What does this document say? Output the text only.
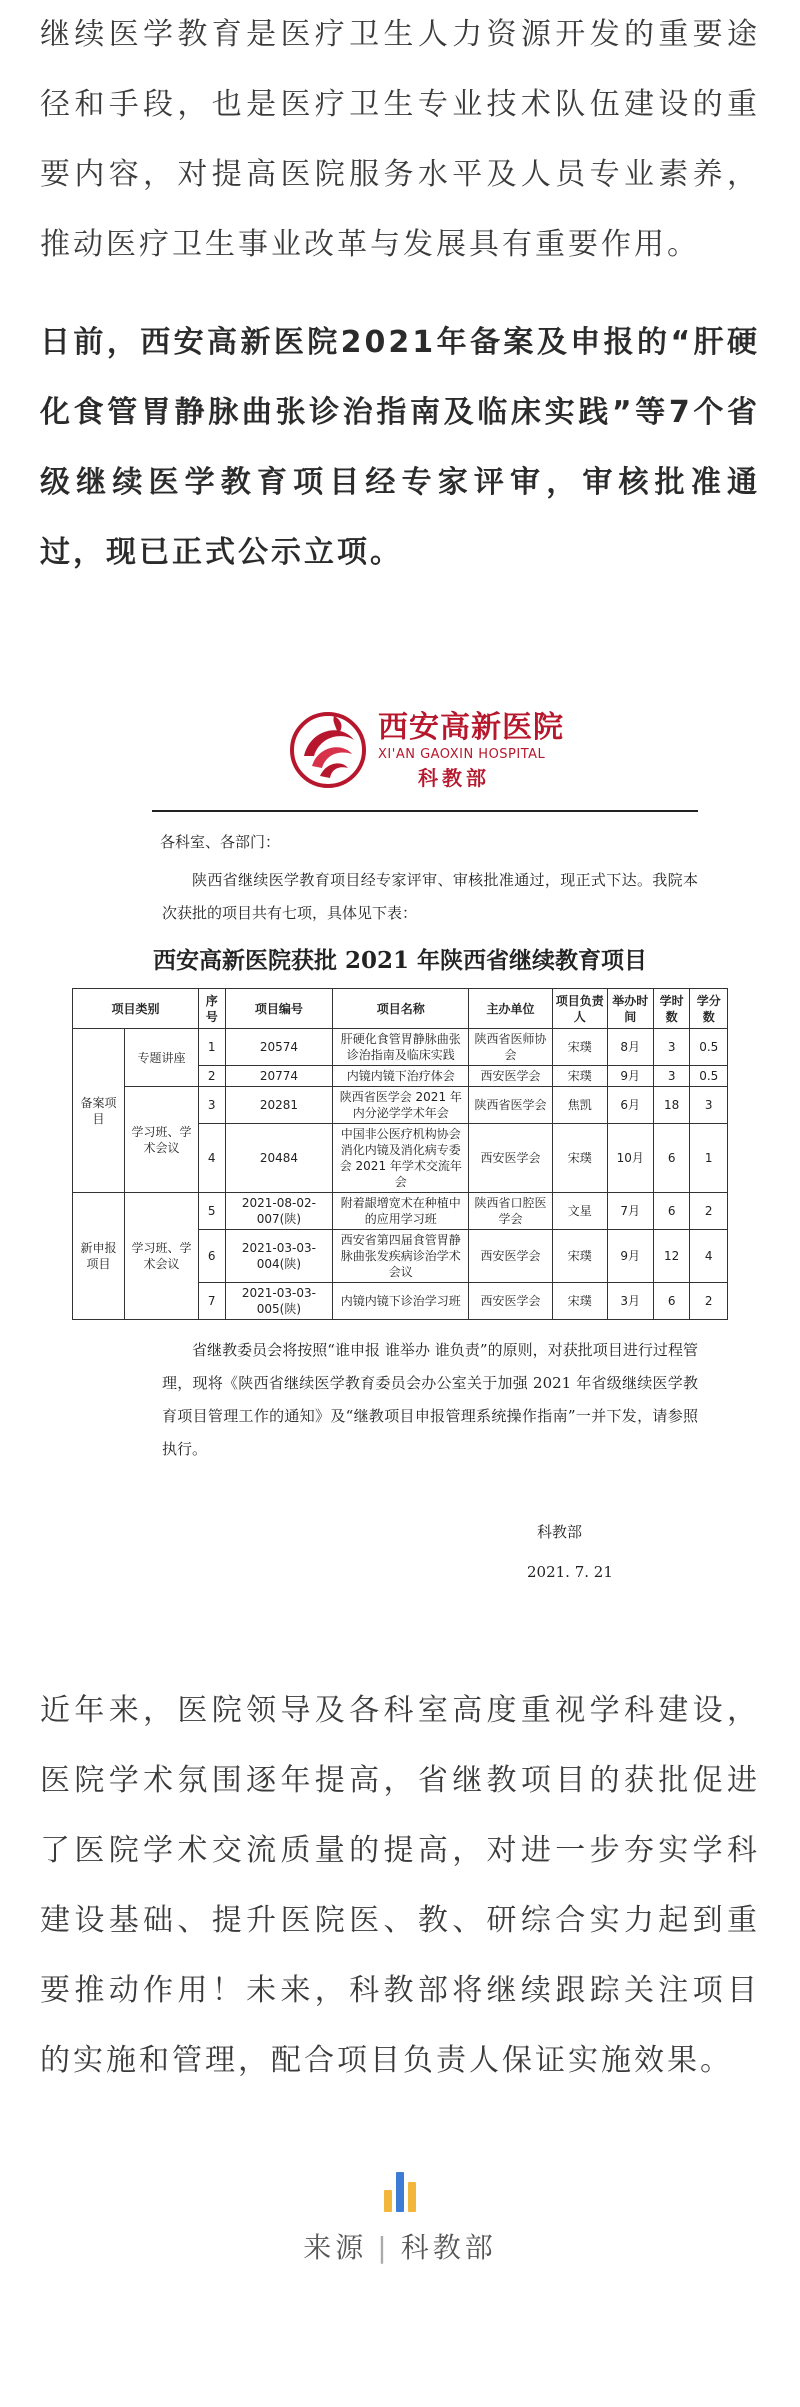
继续医学教育是医疗卫生人力资源开发的重要途径和手段，也是医疗卫生专业技术队伍建设的重要内容，对提高医院服务水平及人员专业素养，推动医疗卫生事业改革与发展具有重要作用。

日前，西安高新医院2021年备案及申报的“肝硬化食管胃静脉曲张诊治指南及临床实践”等7个省级继续医学教育项目经专家评审，审核批准通过，现已正式公示立项。

西安高新医院
XI'AN GAOXIN HOSPITAL
科教部

各科室、各部门：

陕西省继续医学教育项目经专家评审、审核批准通过，现正式下达。我院本次获批的项目共有七项，具体见下表：

西安高新医院获批 2021 年陕西省继续教育项目
项目类别		序号	项目编号	项目名称	主办单位	项目负责人	举办时间	学时数	学分数
备案项目	专题讲座	1	20574	肝硬化食管胃静脉曲张诊治指南及临床实践	陕西省医师协会	宋璞	8月	3	0.5
		2	20774	内镜内镜下治疗体会	西安医学会	宋璞	9月	3	0.5
	学习班、学术会议	3	20281	陕西省医学会 2021 年内分泌学学术年会	陕西省医学会	焦凯	6月	18	3
		4	20484	中国非公医疗机构协会消化内镜及消化病专委会 2021 年学术交流年会	西安医学会	宋璞	10月	6	1
新申报项目	学习班、学术会议	5	2021-08-02-007(陕)	附着龈增宽术在种植中的应用学习班	陕西省口腔医学会	文星	7月	6	2
		6	2021-03-03-004(陕)	西安省第四届食管胃静脉曲张发疾病诊治学术会议	西安医学会	宋璞	9月	12	4
		7	2021-03-03-005(陕)	内镜内镜下诊治学习班	西安医学会	宋璞	3月	6	2

省继教委员会将按照“谁申报 谁举办 谁负责”的原则，对获批项目进行过程管理，现将《陕西省继续医学教育委员会办公室关于加强 2021 年省级继续医学教育项目管理工作的通知》及“继教项目申报管理系统操作指南”一并下发，请参照执行。

科教部
2021. 7. 21

近年来，医院领导及各科室高度重视学科建设，医院学术氛围逐年提高，省继教项目的获批促进了医院学术交流质量的提高，对进一步夯实学科建设基础、提升医院医、教、研综合实力起到重要推动作用！未来，科教部将继续跟踪关注项目的实施和管理，配合项目负责人保证实施效果。

来源 | 科教部
